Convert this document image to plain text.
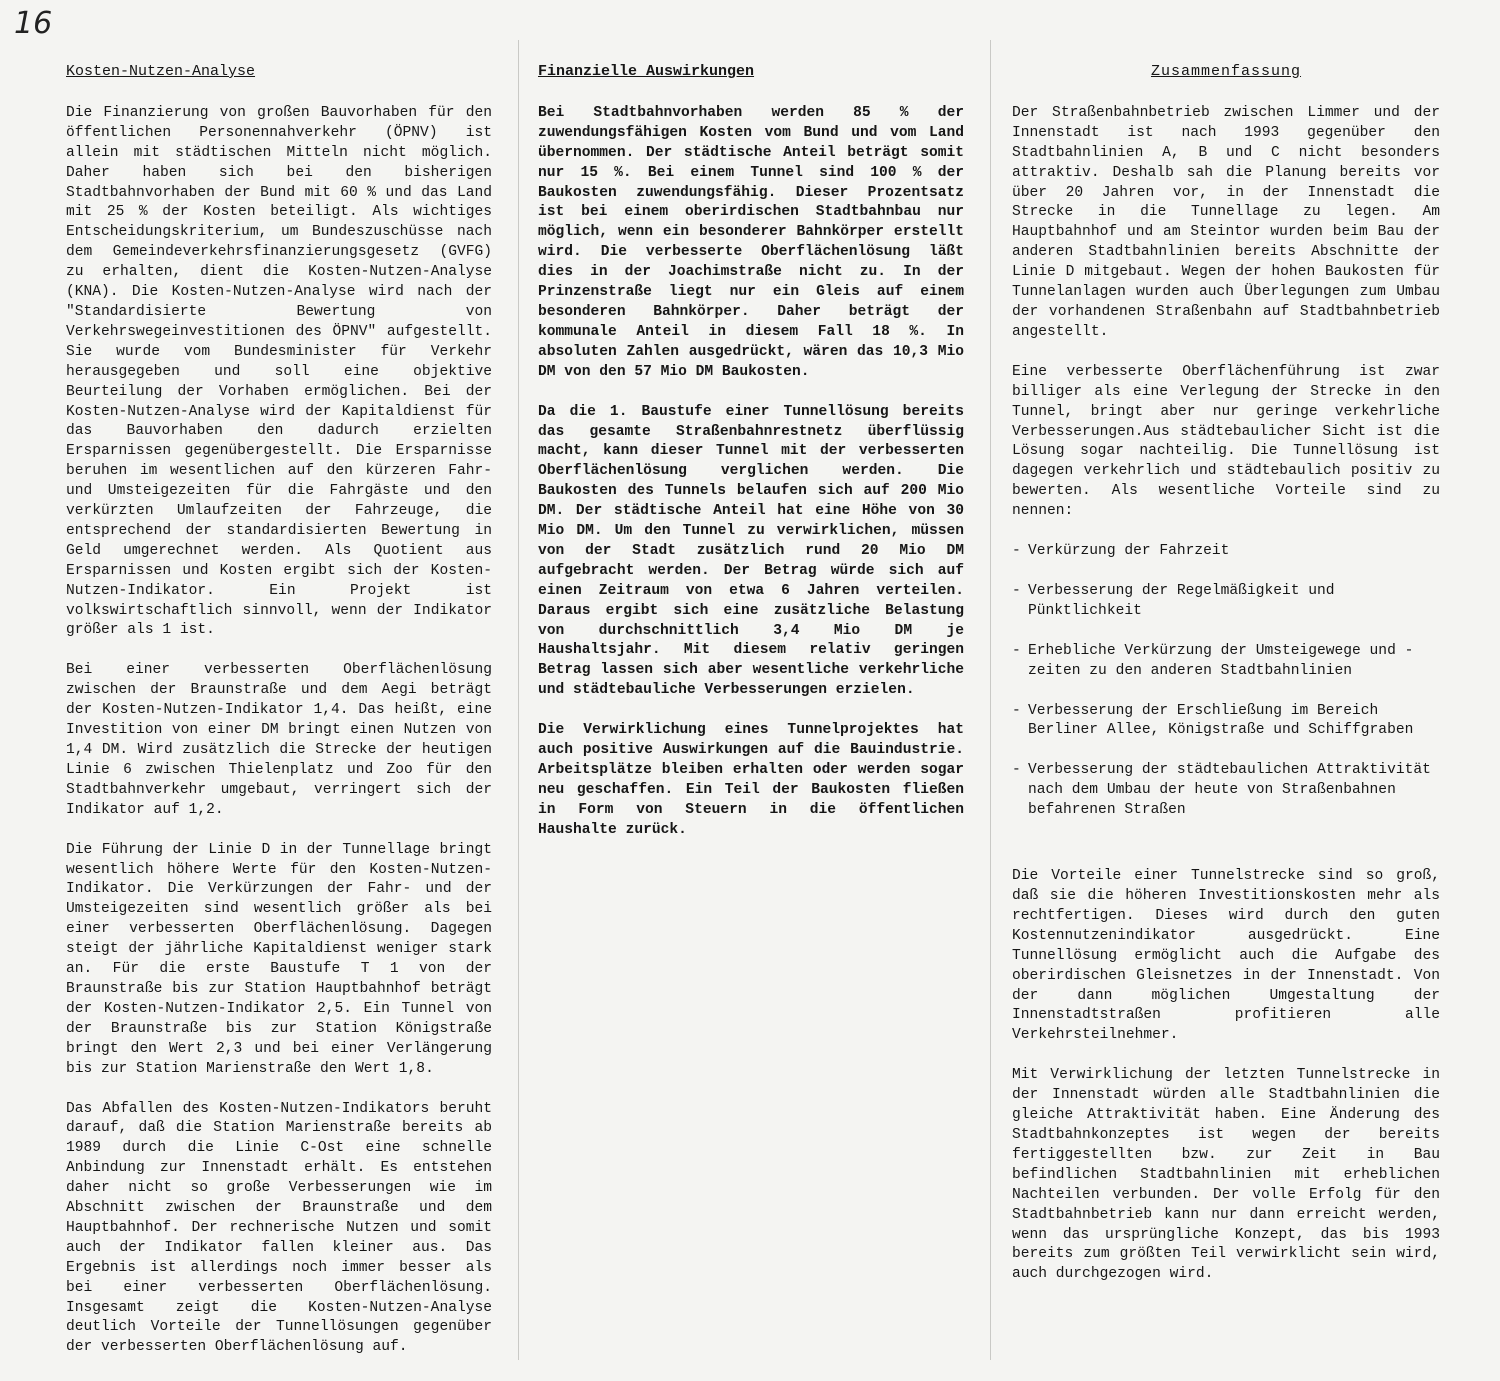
16
Kosten-Nutzen-Analyse

Die Finanzierung von großen Bauvorhaben für den öffentlichen Personennahverkehr (ÖPNV) ist allein mit städtischen Mitteln nicht möglich. Daher haben sich bei den bisherigen Stadtbahnvorhaben der Bund mit 60 % und das Land mit 25 % der Kosten beteiligt. Als wichtiges Entscheidungskriterium, um Bundeszuschüsse nach dem Gemeindeverkehrsfinanzierungsgesetz (GVFG) zu erhalten, dient die Kosten-Nutzen-Analyse (KNA). Die Kosten-Nutzen-Analyse wird nach der "Standardisierte Bewertung von Verkehrswegeinvestitionen des ÖPNV" aufgestellt. Sie wurde vom Bundesminister für Verkehr herausgegeben und soll eine objektive Beurteilung der Vorhaben ermöglichen. Bei der Kosten-Nutzen-Analyse wird der Kapitaldienst für das Bauvorhaben den dadurch erzielten Ersparnissen gegenübergestellt. Die Ersparnisse beruhen im wesentlichen auf den kürzeren Fahr- und Umsteigezeiten für die Fahrgäste und den verkürzten Umlaufzeiten der Fahrzeuge, die entsprechend der standardisierten Bewertung in Geld umgerechnet werden. Als Quotient aus Ersparnissen und Kosten ergibt sich der Kosten-Nutzen-Indikator. Ein Projekt ist volkswirtschaftlich sinnvoll, wenn der Indikator größer als 1 ist.

Bei einer verbesserten Oberflächenlösung zwischen der Braunstraße und dem Aegi beträgt der Kosten-Nutzen-Indikator 1,4. Das heißt, eine Investition von einer DM bringt einen Nutzen von 1,4 DM. Wird zusätzlich die Strecke der heutigen Linie 6 zwischen Thielenplatz und Zoo für den Stadtbahnverkehr umgebaut, verringert sich der Indikator auf 1,2.

Die Führung der Linie D in der Tunnellage bringt wesentlich höhere Werte für den Kosten-Nutzen-Indikator. Die Verkürzungen der Fahr- und der Umsteigezeiten sind wesentlich größer als bei einer verbesserten Oberflächenlösung. Dagegen steigt der jährliche Kapitaldienst weniger stark an. Für die erste Baustufe T 1 von der Braunstraße bis zur Station Hauptbahnhof beträgt der Kosten-Nutzen-Indikator 2,5. Ein Tunnel von der Braunstraße bis zur Station Königstraße bringt den Wert 2,3 und bei einer Verlängerung bis zur Station Marienstraße den Wert 1,8.

Das Abfallen des Kosten-Nutzen-Indikators beruht darauf, daß die Station Marienstraße bereits ab 1989 durch die Linie C-Ost eine schnelle Anbindung zur Innenstadt erhält. Es entstehen daher nicht so große Verbesserungen wie im Abschnitt zwischen der Braunstraße und dem Hauptbahnhof. Der rechnerische Nutzen und somit auch der Indikator fallen kleiner aus. Das Ergebnis ist allerdings noch immer besser als bei einer verbesserten Oberflächenlösung. Insgesamt zeigt die Kosten-Nutzen-Analyse deutlich Vorteile der Tunnellösungen gegenüber der verbesserten Oberflächenlösung auf.

Finanzielle Auswirkungen

Bei Stadtbahnvorhaben werden 85 % der zuwendungsfähigen Kosten vom Bund und vom Land übernommen. Der städtische Anteil beträgt somit nur 15 %. Bei einem Tunnel sind 100 % der Baukosten zuwendungsfähig. Dieser Prozentsatz ist bei einem oberirdischen Stadtbahnbau nur möglich, wenn ein besonderer Bahnkörper erstellt wird. Die verbesserte Oberflächenlösung läßt dies in der Joachimstraße nicht zu. In der Prinzenstraße liegt nur ein Gleis auf einem besonderen Bahnkörper. Daher beträgt der kommunale Anteil in diesem Fall 18 %. In absoluten Zahlen ausgedrückt, wären das 10,3 Mio DM von den 57 Mio DM Baukosten.

Da die 1. Baustufe einer Tunnellösung bereits das gesamte Straßenbahnrestnetz überflüssig macht, kann dieser Tunnel mit der verbesserten Oberflächenlösung verglichen werden. Die Baukosten des Tunnels belaufen sich auf 200 Mio DM. Der städtische Anteil hat eine Höhe von 30 Mio DM. Um den Tunnel zu verwirklichen, müssen von der Stadt zusätzlich rund 20 Mio DM aufgebracht werden. Der Betrag würde sich auf einen Zeitraum von etwa 6 Jahren verteilen. Daraus ergibt sich eine zusätzliche Belastung von durchschnittlich 3,4 Mio DM je Haushaltsjahr. Mit diesem relativ geringen Betrag lassen sich aber wesentliche verkehrliche und städtebauliche Verbesserungen erzielen.

Die Verwirklichung eines Tunnelprojektes hat auch positive Auswirkungen auf die Bauindustrie. Arbeitsplätze bleiben erhalten oder werden sogar neu geschaffen. Ein Teil der Baukosten fließen in Form von Steuern in die öffentlichen Haushalte zurück.

Zusammenfassung

Der Straßenbahnbetrieb zwischen Limmer und der Innenstadt ist nach 1993 gegenüber den Stadtbahnlinien A, B und C nicht besonders attraktiv. Deshalb sah die Planung bereits vor über 20 Jahren vor, in der Innenstadt die Strecke in die Tunnellage zu legen. Am Hauptbahnhof und am Steintor wurden beim Bau der anderen Stadtbahnlinien bereits Abschnitte der Linie D mitgebaut. Wegen der hohen Baukosten für Tunnelanlagen wurden auch Überlegungen zum Umbau der vorhandenen Straßenbahn auf Stadtbahnbetrieb angestellt.

Eine verbesserte Oberflächenführung ist zwar billiger als eine Verlegung der Strecke in den Tunnel, bringt aber nur geringe verkehrliche Verbesserungen.Aus städtebaulicher Sicht ist die Lösung sogar nachteilig. Die Tunnellösung ist dagegen verkehrlich und städtebaulich positiv zu bewerten. Als wesentliche Vorteile sind zu nennen:

- Verkürzung der Fahrzeit
- Verbesserung der Regelmäßigkeit und Pünktlichkeit
- Erhebliche Verkürzung der Umsteigewege und -zeiten zu den anderen Stadtbahnlinien
- Verbesserung der Erschließung im Bereich Berliner Allee, Königstraße und Schiffgraben
- Verbesserung der städtebaulichen Attraktivität nach dem Umbau der heute von Straßenbahnen befahrenen Straßen

Die Vorteile einer Tunnelstrecke sind so groß, daß sie die höheren Investitionskosten mehr als rechtfertigen. Dieses wird durch den guten Kostennutzenindikator ausgedrückt. Eine Tunnellösung ermöglicht auch die Aufgabe des oberirdischen Gleisnetzes in der Innenstadt. Von der dann möglichen Umgestaltung der Innenstadtstraßen profitieren alle Verkehrsteilnehmer.

Mit Verwirklichung der letzten Tunnelstrecke in der Innenstadt würden alle Stadtbahnlinien die gleiche Attraktivität haben. Eine Änderung des Stadtbahnkonzeptes ist wegen der bereits fertiggestellten bzw. zur Zeit in Bau befindlichen Stadtbahnlinien mit erheblichen Nachteilen verbunden. Der volle Erfolg für den Stadtbahnbetrieb kann nur dann erreicht werden, wenn das ursprüngliche Konzept, das bis 1993 bereits zum größten Teil verwirklicht sein wird, auch durchgezogen wird.
